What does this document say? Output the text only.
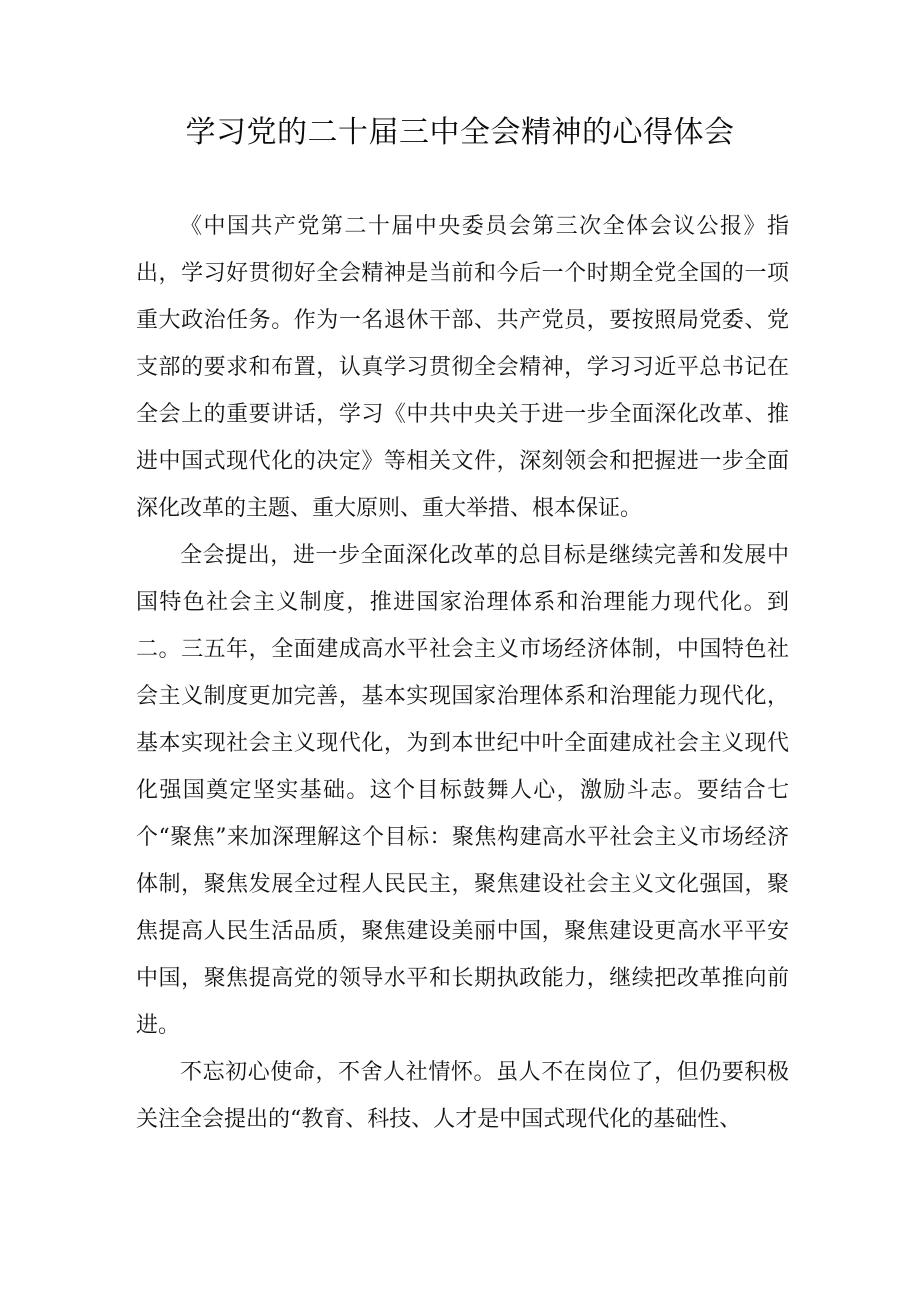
学习党的二十届三中全会精神的心得体会

《中国共产党第二十届中央委员会第三次全体会议公报》指出，学习好贯彻好全会精神是当前和今后一个时期全党全国的一项重大政治任务。作为一名退休干部、共产党员，要按照局党委、党支部的要求和布置，认真学习贯彻全会精神，学习习近平总书记在全会上的重要讲话，学习《中共中央关于进一步全面深化改革、推进中国式现代化的决定》等相关文件，深刻领会和把握进一步全面深化改革的主题、重大原则、重大举措、根本保证。

全会提出，进一步全面深化改革的总目标是继续完善和发展中国特色社会主义制度，推进国家治理体系和治理能力现代化。到二。三五年，全面建成高水平社会主义市场经济体制，中国特色社会主义制度更加完善，基本实现国家治理体系和治理能力现代化，基本实现社会主义现代化，为到本世纪中叶全面建成社会主义现代化强国奠定坚实基础。这个目标鼓舞人心，激励斗志。要结合七个“聚焦”来加深理解这个目标：聚焦构建高水平社会主义市场经济体制，聚焦发展全过程人民民主，聚焦建设社会主义文化强国，聚焦提高人民生活品质，聚焦建设美丽中国，聚焦建设更高水平平安中国，聚焦提高党的领导水平和长期执政能力，继续把改革推向前进。

不忘初心使命，不舍人社情怀。虽人不在岗位了，但仍要积极关注全会提出的“教育、科技、人才是中国式现代化的基础性、
